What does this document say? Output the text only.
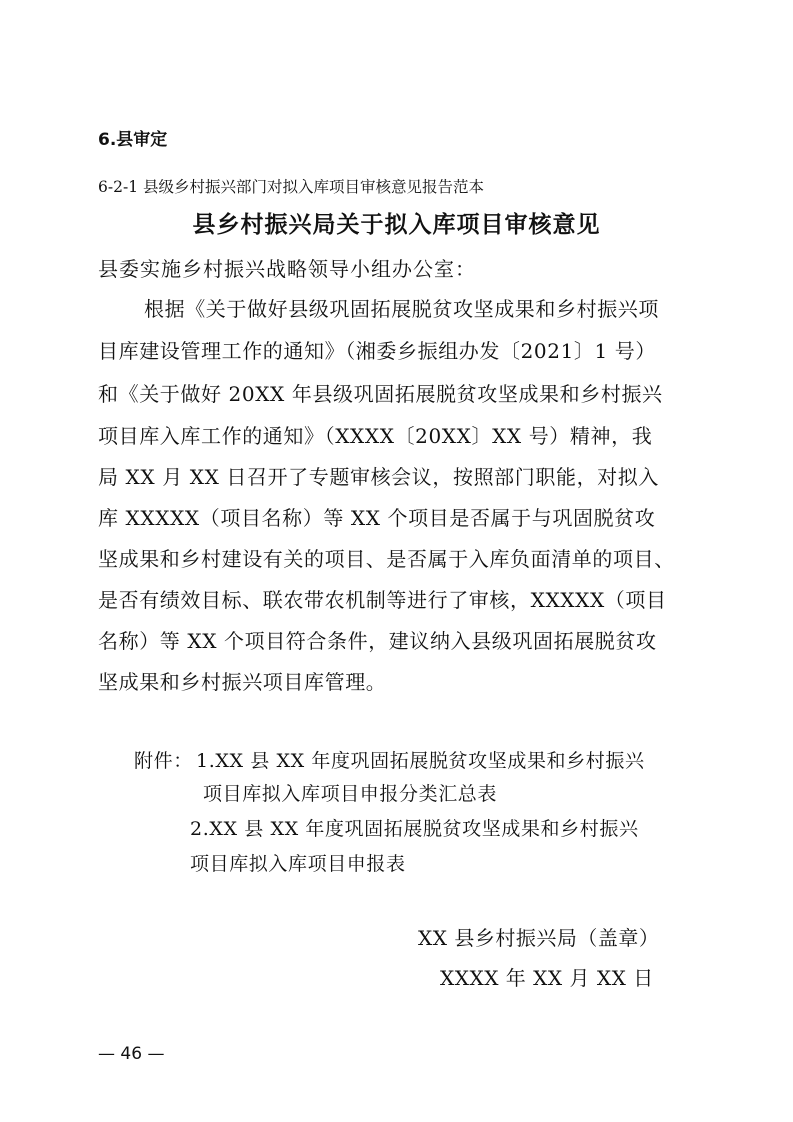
6.县审定
6-2-1 县级乡村振兴部门对拟入库项目审核意见报告范本
县乡村振兴局关于拟入库项目审核意见
县委实施乡村振兴战略领导小组办公室：
根据《关于做好县级巩固拓展脱贫攻坚成果和乡村振兴项
目库建设管理工作的通知》（湘委乡振组办发〔2021〕1 号）
和《关于做好 20XX 年县级巩固拓展脱贫攻坚成果和乡村振兴
项目库入库工作的通知》（XXXX〔20XX〕XX 号）精神，我
局 XX 月 XX 日召开了专题审核会议，按照部门职能，对拟入
库 XXXXX（项目名称）等 XX 个项目是否属于与巩固脱贫攻
坚成果和乡村建设有关的项目、是否属于入库负面清单的项目、
是否有绩效目标、联农带农机制等进行了审核，XXXXX（项目
名称）等 XX 个项目符合条件，建议纳入县级巩固拓展脱贫攻
坚成果和乡村振兴项目库管理。
附件： 1.XX 县 XX 年度巩固拓展脱贫攻坚成果和乡村振兴
项目库拟入库项目申报分类汇总表
2.XX 县 XX 年度巩固拓展脱贫攻坚成果和乡村振兴
项目库拟入库项目申报表
XX 县乡村振兴局（盖章）
XXXX 年 XX 月 XX 日
— 46 —
